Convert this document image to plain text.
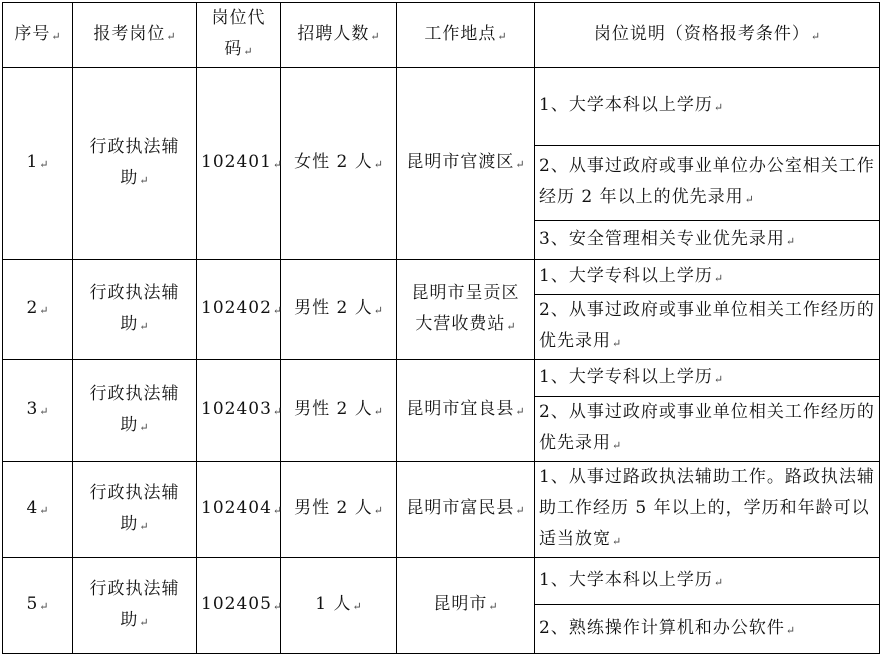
序号↵	报考岗位↵	岗位代码↵	招聘人数↵	工作地点↵	岗位说明（资格报考条件）↵
1↵	行政执法辅助↵	102401↵	女性 2 人↵	昆明市官渡区↵	1、大学本科以上学历↵
					2、从事过政府或事业单位办公室相关工作经历 2 年以上的优先录用↵
					3、安全管理相关专业优先录用↵
2↵	行政执法辅助↵	102402↵	男性 2 人↵	昆明市呈贡区大营收费站↵	1、大学专科以上学历↵
					2、从事过政府或事业单位相关工作经历的优先录用↵
3↵	行政执法辅助↵	102403↵	男性 2 人↵	昆明市宜良县↵	1、大学专科以上学历↵
					2、从事过政府或事业单位相关工作经历的优先录用↵
4↵	行政执法辅助↵	102404↵	男性 2 人↵	昆明市富民县↵	1、从事过路政执法辅助工作。路政执法辅助工作经历 5 年以上的，学历和年龄可以适当放宽↵
5↵	行政执法辅助↵	102405↵	1 人↵	昆明市↵	1、大学本科以上学历↵
					2、熟练操作计算机和办公软件↵
